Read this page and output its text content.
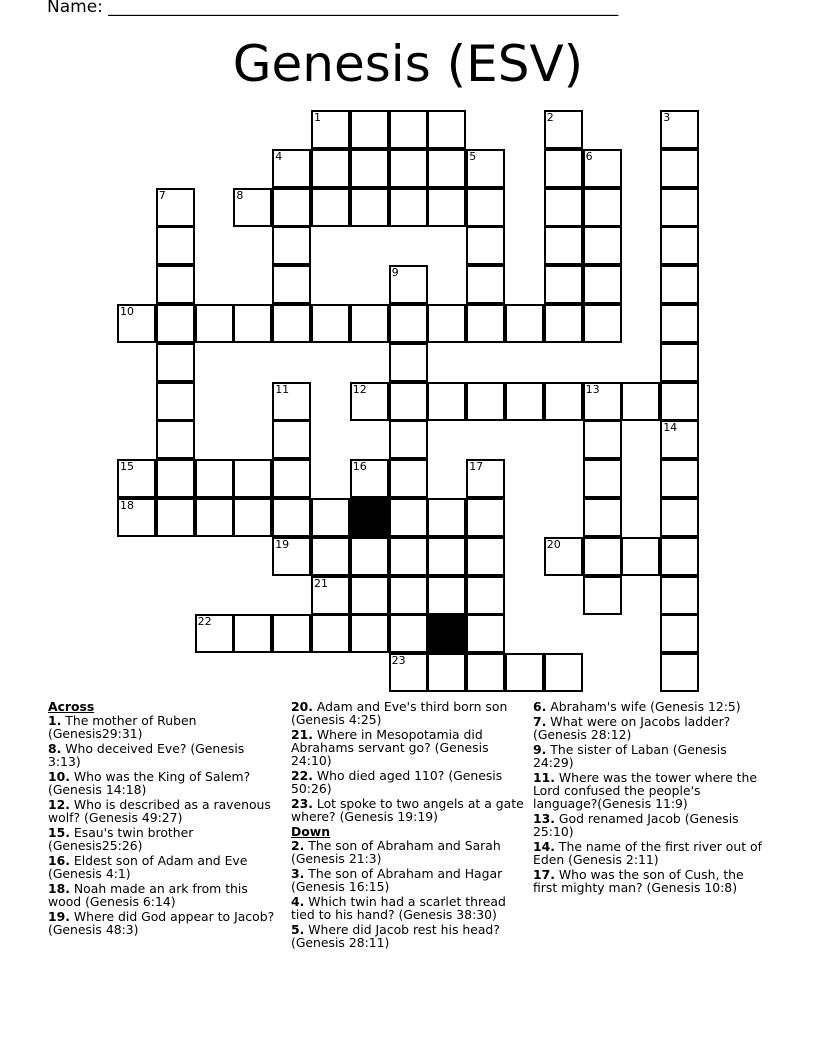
Name: ____________________________________________________________
Genesis (ESV)
1	2	3
4	5	6
7	8
9
23
10
11
19
12	13
14
15	16	17
18
20
21
22
Across
1. The mother of Ruben (Genesis29:31)
8. Who deceived Eve? (Genesis 3:13)
10. Who was the King of Salem? (Genesis 14:18)
12. Who is described as a ravenous wolf? (Genesis 49:27)
15. Esau's twin brother (Genesis25:26)
16. Eldest son of Adam and Eve (Genesis 4:1)
18. Noah made an ark from this wood (Genesis 6:14)
19. Where did God appear to Jacob? (Genesis 48:3)
20. Adam and Eve's third born son (Genesis 4:25)
21. Where in Mesopotamia did Abrahams servant go? (Genesis 24:10)
22. Who died aged 110? (Genesis 50:26)
23. Lot spoke to two angels at a gate where? (Genesis 19:19)
Down
2. The son of Abraham and Sarah (Genesis 21:3)
3. The son of Abraham and Hagar (Genesis 16:15)
4. Which twin had a scarlet thread tied to his hand? (Genesis 38:30)
5. Where did Jacob rest his head? (Genesis 28:11)
6. Abraham's wife (Genesis 12:5)
7. What were on Jacobs ladder? (Genesis 28:12)
9. The sister of Laban (Genesis 24:29)
11. Where was the tower where the Lord confused the people's language?(Genesis 11:9)
13. God renamed Jacob (Genesis 25:10)
14. The name of the first river out of Eden (Genesis 2:11)
17. Who was the son of Cush, the first mighty man? (Genesis 10:8)
